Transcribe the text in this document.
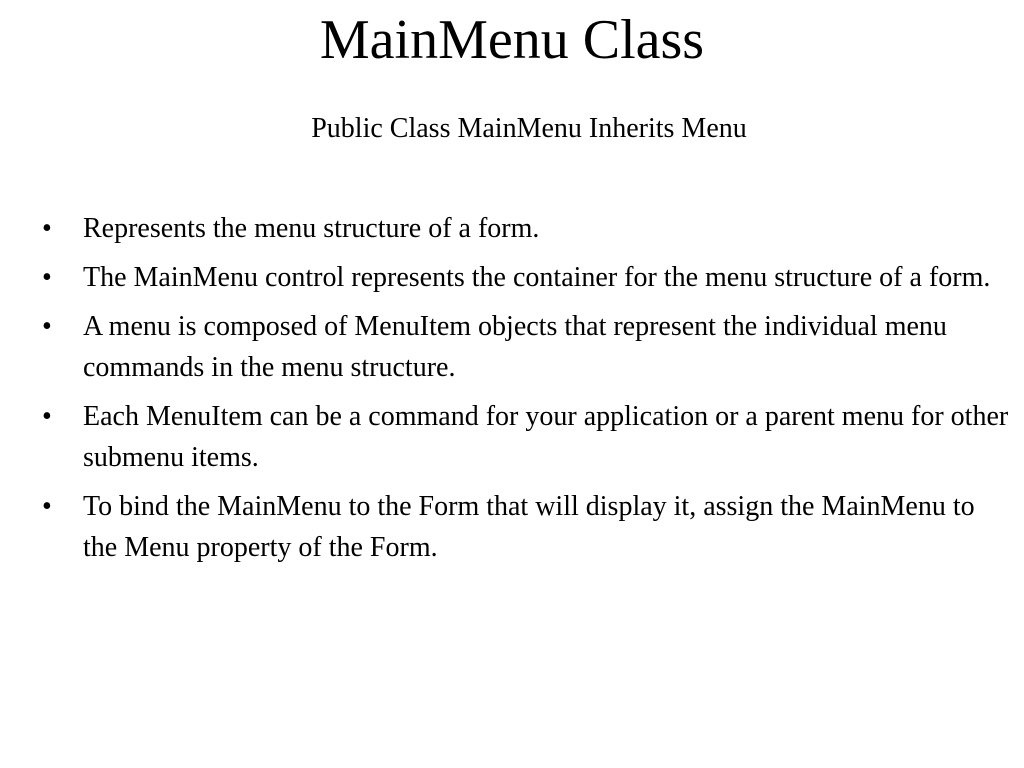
MainMenu Class

Public Class MainMenu Inherits Menu

• Represents the menu structure of a form.
• The MainMenu control represents the container for the menu structure of a form.
• A menu is composed of MenuItem objects that represent the individual menu commands in the menu structure.
• Each MenuItem can be a command for your application or a parent menu for other submenu items.
• To bind the MainMenu to the Form that will display it, assign the MainMenu to the Menu property of the Form.
